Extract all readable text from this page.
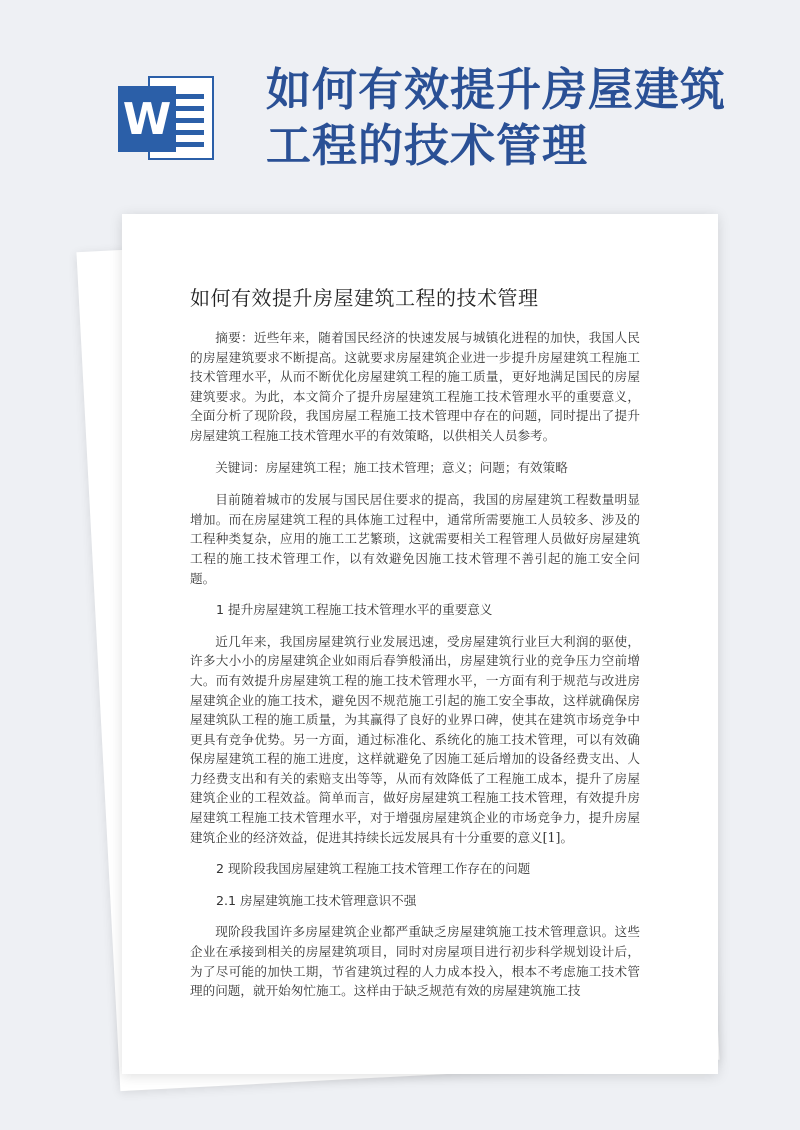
W
如何有效提升房屋建筑工程的技术管理
如何有效提升房屋建筑工程的技术管理

摘要：近些年来，随着国民经济的快速发展与城镇化进程的加快，我国人民的房屋建筑要求不断提高。这就要求房屋建筑企业进一步提升房屋建筑工程施工技术管理水平，从而不断优化房屋建筑工程的施工质量，更好地满足国民的房屋建筑要求。为此，本文简介了提升房屋建筑工程施工技术管理水平的重要意义，全面分析了现阶段，我国房屋工程施工技术管理中存在的问题，同时提出了提升房屋建筑工程施工技术管理水平的有效策略，以供相关人员参考。

关键词：房屋建筑工程；施工技术管理；意义；问题；有效策略

目前随着城市的发展与国民居住要求的提高，我国的房屋建筑工程数量明显增加。而在房屋建筑工程的具体施工过程中，通常所需要施工人员较多、涉及的工程种类复杂，应用的施工工艺繁琐，这就需要相关工程管理人员做好房屋建筑工程的施工技术管理工作，以有效避免因施工技术管理不善引起的施工安全问题。

1 提升房屋建筑工程施工技术管理水平的重要意义

近几年来，我国房屋建筑行业发展迅速，受房屋建筑行业巨大利润的驱使，许多大小小的房屋建筑企业如雨后春笋般涌出，房屋建筑行业的竞争压力空前增大。而有效提升房屋建筑工程的施工技术管理水平，一方面有利于规范与改进房屋建筑企业的施工技术，避免因不规范施工引起的施工安全事故，这样就确保房屋建筑队工程的施工质量，为其赢得了良好的业界口碑，使其在建筑市场竞争中更具有竞争优势。另一方面，通过标准化、系统化的施工技术管理，可以有效确保房屋建筑工程的施工进度，这样就避免了因施工延后增加的设备经费支出、人力经费支出和有关的索赔支出等等，从而有效降低了工程施工成本，提升了房屋建筑企业的工程效益。简单而言，做好房屋建筑工程施工技术管理，有效提升房屋建筑工程施工技术管理水平，对于增强房屋建筑企业的市场竞争力，提升房屋建筑企业的经济效益，促进其持续长远发展具有十分重要的意义[1]。

2 现阶段我国房屋建筑工程施工技术管理工作存在的问题
2.1 房屋建筑施工技术管理意识不强

现阶段我国许多房屋建筑企业都严重缺乏房屋建筑施工技术管理意识。这些企业在承接到相关的房屋建筑项目，同时对房屋项目进行初步科学规划设计后，为了尽可能的加快工期，节省建筑过程的人力成本投入，根本不考虑施工技术管理的问题，就开始匆忙施工。这样由于缺乏规范有效的房屋建筑施工技
